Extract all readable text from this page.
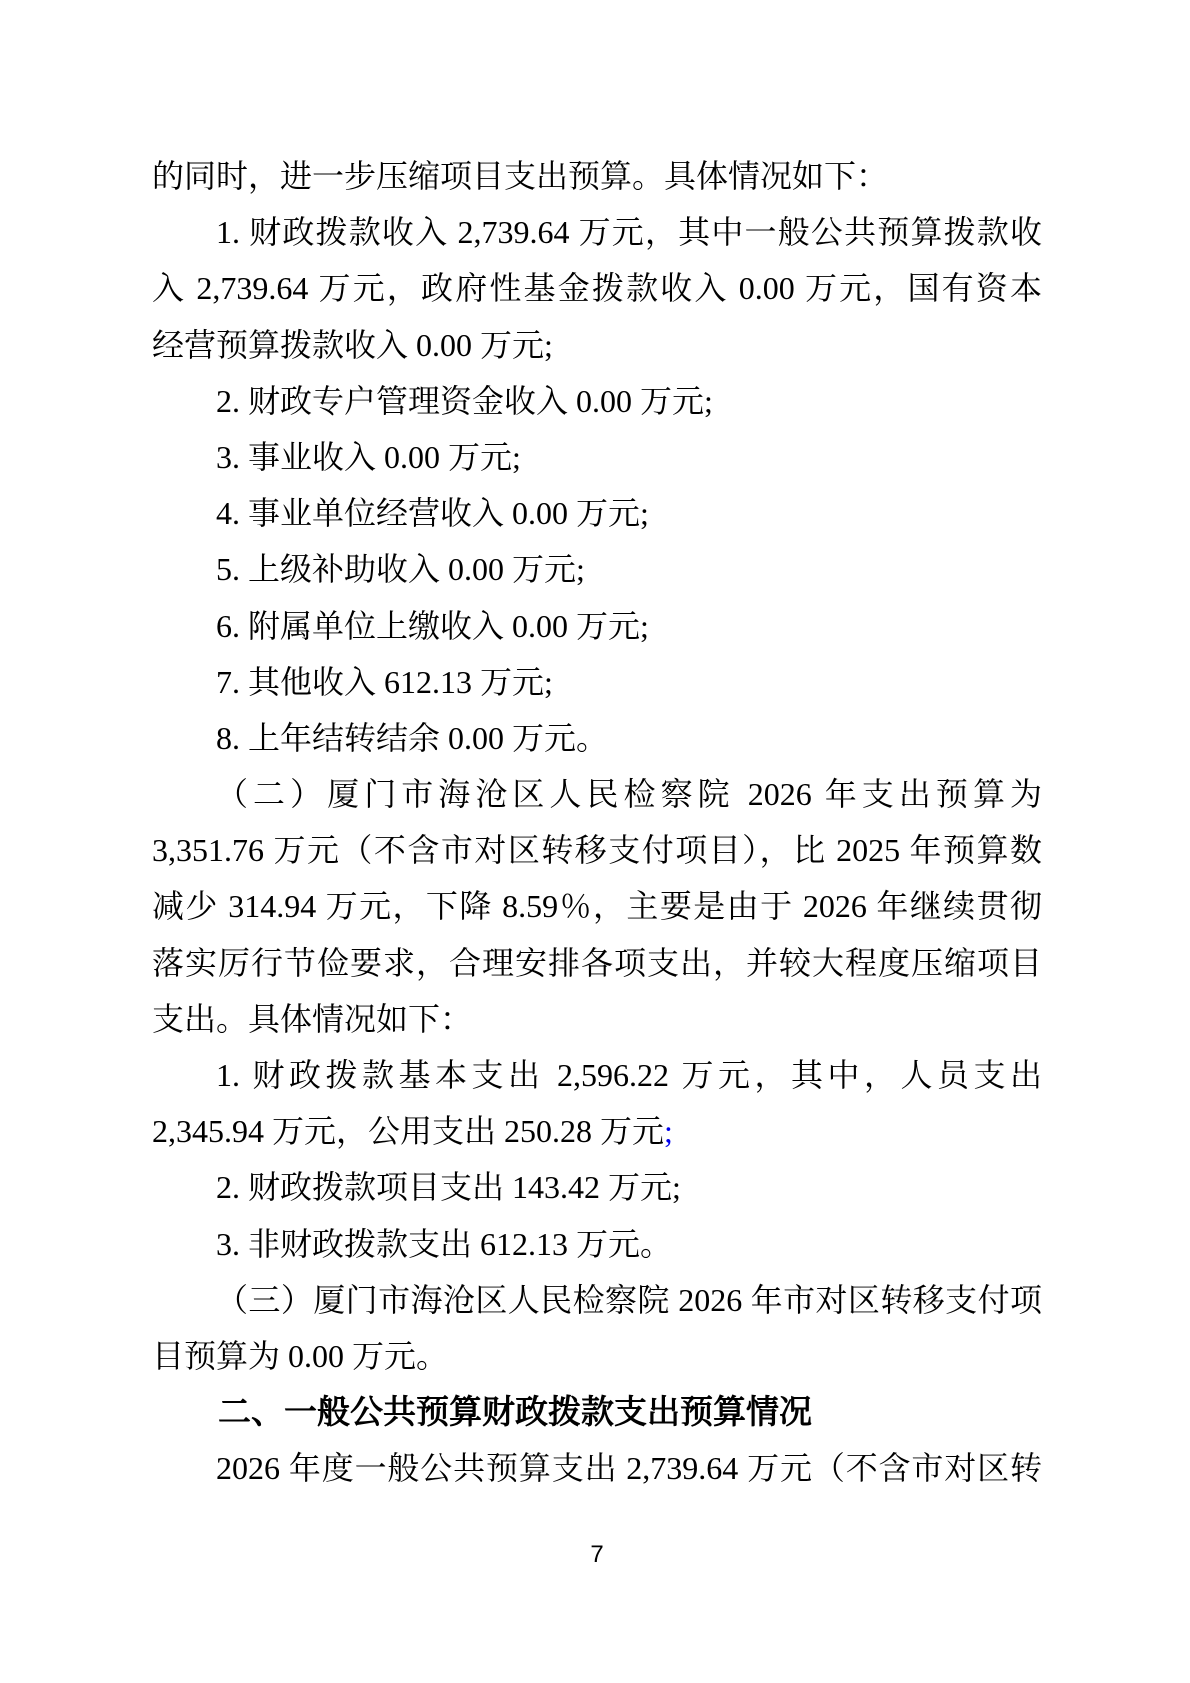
的同时，进一步压缩项目支出预算。具体情况如下：
1. 财政拨款收入 2,739.64 万元，其中一般公共预算拨款收
入 2,739.64 万元，政府性基金拨款收入 0.00 万元，国有资本
经营预算拨款收入 0.00 万元;
2. 财政专户管理资金收入 0.00 万元;
3. 事业收入 0.00 万元;
4. 事业单位经营收入 0.00 万元;
5. 上级补助收入 0.00 万元;
6. 附属单位上缴收入 0.00 万元;
7. 其他收入 612.13 万元;
8. 上年结转结余 0.00 万元。
（二）厦门市海沧区人民检察院 2026 年支出预算为
3,351.76 万元（不含市对区转移支付项目），比 2025 年预算数
减少 314.94 万元，下降 8.59％，主要是由于 2026 年继续贯彻
落实厉行节俭要求，合理安排各项支出，并较大程度压缩项目
支出。具体情况如下：
1. 财政拨款基本支出 2,596.22 万元，其中，人员支出
2,345.94 万元，公用支出 250.28 万元;
2. 财政拨款项目支出 143.42 万元;
3. 非财政拨款支出 612.13 万元。
（三）厦门市海沧区人民检察院 2026 年市对区转移支付项
目预算为 0.00 万元。
二、一般公共预算财政拨款支出预算情况
2026 年度一般公共预算支出 2,739.64 万元（不含市对区转
7
